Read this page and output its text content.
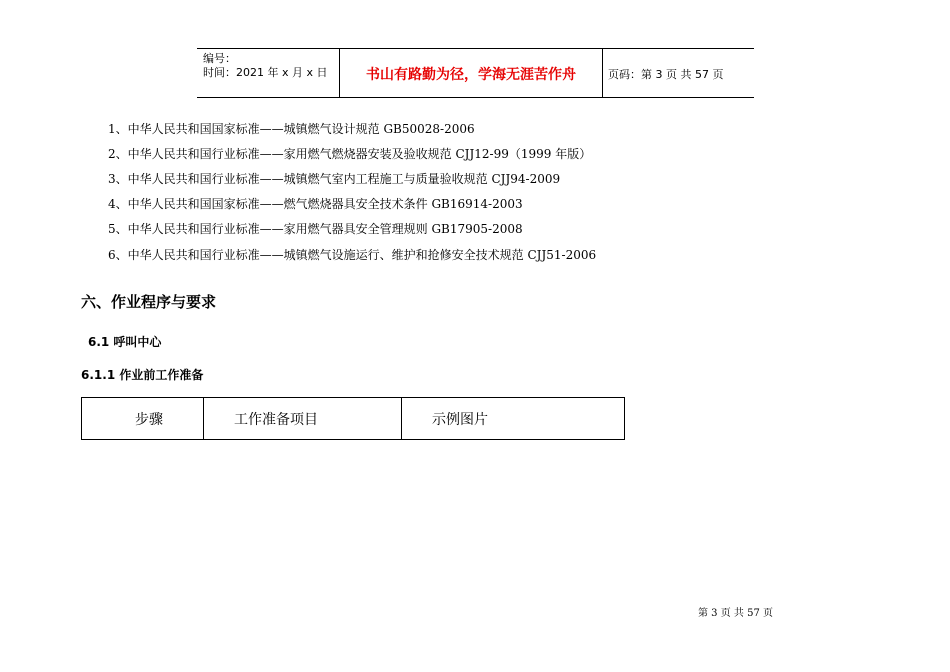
编号：
时间：2021 年 x 月 x 日	书山有路勤为径，学海无涯苦作舟	页码：第 3 页 共 57 页
1、中华人民共和国国家标准——城镇燃气设计规范 GB50028-2006
2、中华人民共和国行业标准——家用燃气燃烧器安装及验收规范 CJJ12-99（1999 年版）
3、中华人民共和国行业标准——城镇燃气室内工程施工与质量验收规范 CJJ94-2009
4、中华人民共和国国家标准——燃气燃烧器具安全技术条件 GB16914-2003
5、中华人民共和国行业标准——家用燃气器具安全管理规则 GB17905-2008
6、中华人民共和国行业标准——城镇燃气设施运行、维护和抢修安全技术规范 CJJ51-2006
六、作业程序与要求
6.1 呼叫中心
6.1.1 作业前工作准备
步骤	工作准备项目	示例图片
第 3 页 共 57 页
